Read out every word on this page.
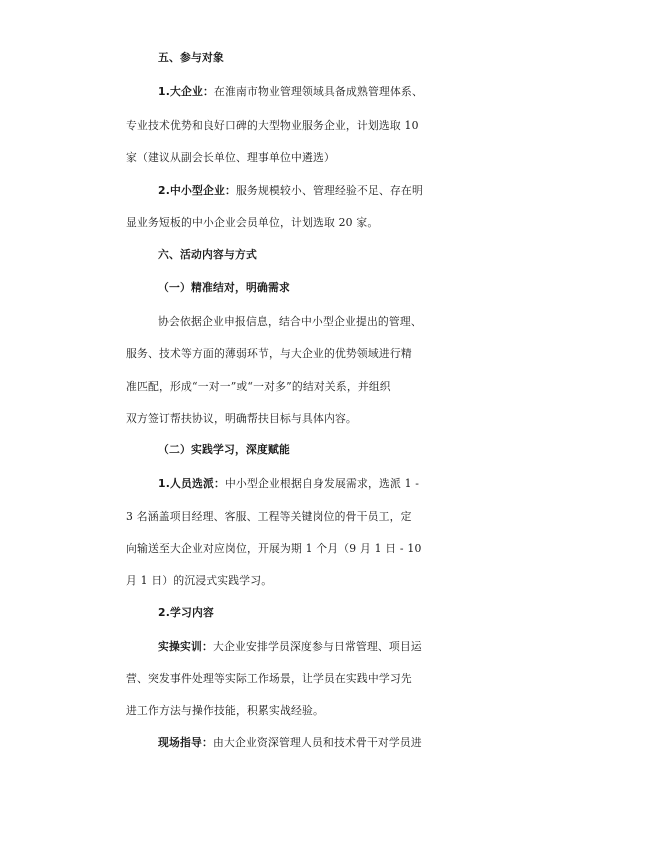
五、参与对象
1.大企业：在淮南市物业管理领域具备成熟管理体系、
专业技术优势和良好口碑的大型物业服务企业，计划选取 10
家（建议从副会长单位、理事单位中遴选）
2.中小型企业：服务规模较小、管理经验不足、存在明
显业务短板的中小企业会员单位，计划选取 20 家。
六、活动内容与方式
（一）精准结对，明确需求
协会依据企业申报信息，结合中小型企业提出的管理、
服务、技术等方面的薄弱环节，与大企业的优势领域进行精
准匹配，形成“一对一”或“一对多”的结对关系，并组织
双方签订帮扶协议，明确帮扶目标与具体内容。
（二）实践学习，深度赋能
1.人员选派：中小型企业根据自身发展需求，选派 1 -
3 名涵盖项目经理、客服、工程等关键岗位的骨干员工，定
向输送至大企业对应岗位，开展为期 1 个月（9 月 1 日 - 10
月 1 日）的沉浸式实践学习。
2.学习内容
实操实训：大企业安排学员深度参与日常管理、项目运
营、突发事件处理等实际工作场景，让学员在实践中学习先
进工作方法与操作技能，积累实战经验。
现场指导：由大企业资深管理人员和技术骨干对学员进
